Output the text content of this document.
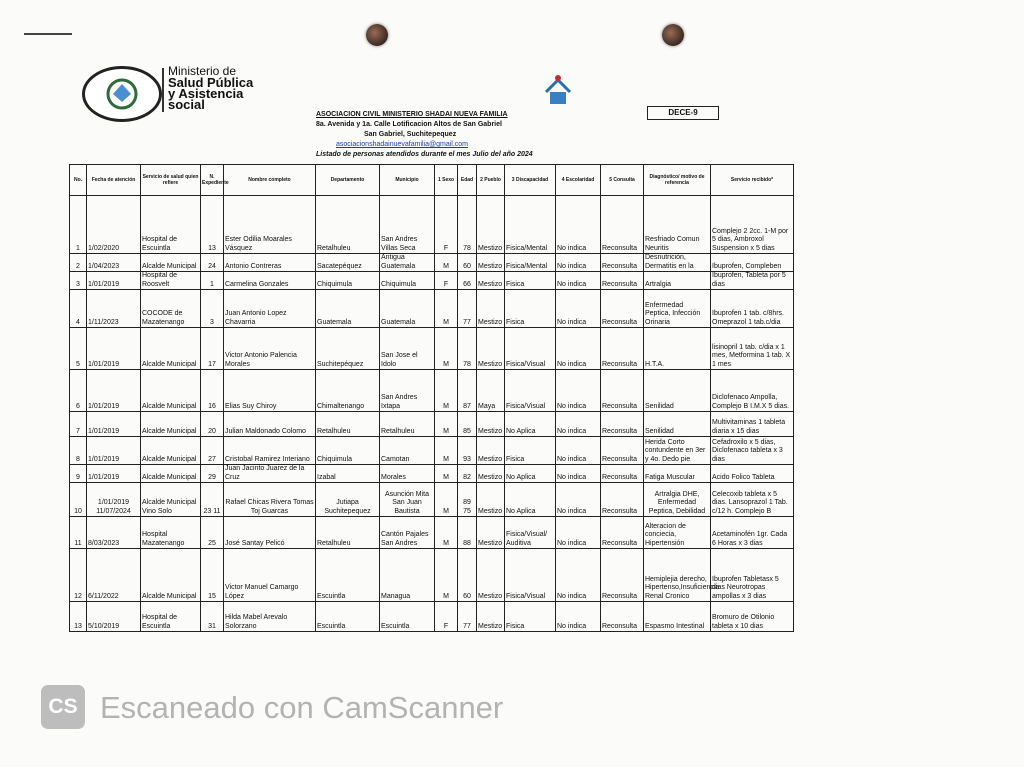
Ministerio de
Salud Pública
y Asistencia
social
DECE-9
ASOCIACION CIVIL MINISTERIO SHADAI NUEVA FAMILIA
8a. Avenida y 1a. Calle Lotificacion Altos de San Gabriel
San Gabriel, Suchitepequez
asociacionshadainuevafamilia@gmail.com
Listado de personas atendidos durante el mes Julio del año 2024
No.	Fecha de atención	Servicio de salud quien refiere	N. Expediente	Nombre completo	Departamento	Municipio	1 Sexo	Edad	2 Pueblo	3 Discapacidad	4 Escolaridad	5 Consulta	Diagnóstico/ motivo de referencia	Servicio recibido*
1	1/02/2020	Hospital de Escuintla	13	Ester Odilia Moarales Vásquez	Retalhuleu	San Andres Villas Seca	F	78	Mestizo	Fisica/Mental	No indica	Reconsulta	Resfriado Comun Neuritis	Complejo 2 2cc. 1-M por 5 dias, Ambroxol Suspension x 5 dias
2	1/04/2023	Alcalde Municipal	24	Antonio Contreras	Sacatepéquez	Antigua Guatemala	M	60	Mestizo	Fisica/Mental	No indica	Reconsulta	Desnutrición, Dermatitis en la	Ibuprofen, Compleben
3	1/01/2019	Hospital de Roosvelt	1	Carmelina Gonzales	Chiquimula	Chiquimula	F	66	Mestizo	Fisica	No indica	Reconsulta	Artralgia	Ibuprofen, Tableta por 5 dias
4	1/11/2023	COCODE de Mazatenango	3	Juan Antonio Lopez Chavarria	Guatemala	Guatemala	M	77	Mestizo	Fisica	No indica	Reconsulta	Enfermedad Peptica, Infección Orinaria	Ibuprofen 1 tab. c/8hrs. Omeprazol 1 tab.c/dia
5	1/01/2019	Alcalde Municipal	17	Victor Antonio Palencia Morales	Suchitepéquez	San Jose el Idolo	M	78	Mestizo	Fisica/Visual	No indica	Reconsulta	H.T.A.	lisinopril 1 tab. c/dia x 1 mes, Metformina 1 tab. X 1 mes
6	1/01/2019	Alcalde Municipal	16	Elias Suy Chiroy	Chimaltenango	San Andres Ixtapa	M	87	Maya	Fisica/Visual	No indica	Reconsulta	Senilidad	Diclofenaco Ampolla, Complejo B I.M.X 5 dias.
7	1/01/2019	Alcalde Municipal	20	Julian Maldonado Colomo	Retalhuleu	Retalhuleu	M	85	Mestizo	No Aplica	No indica	Reconsulta	Senilidad	Multivitaminas 1 tableta diaria x 15 dias
8	1/01/2019	Alcalde Municipal	27	Cristobal Ramirez Interiano	Chiquimula	Camotan	M	93	Mestizo	Fisica	No indica	Reconsulta	Herida Corto contundente en 3er y 4o. Dedo pie	Cefadroxilo x 5 dias, Diclofenaco tableta x 3 dias
9	1/01/2019	Alcalde Municipal	29	Juan Jacinto Juarez de la Cruz	Izabal	Morales	M	82	Mestizo	No Aplica	No indica	Reconsulta	Fatiga Muscular	Acido Folico Tableta
10	1/01/2019 11/07/2024	Alcalde Municipal Vino Solo	23 11	Rafael Chicas Rivera Tomas Toj Guarcas	Jutiapa Suchitepequez	Asunción Mita San Juan Bautista	M	89 75	Mestizo	No Aplica	No indica	Reconsulta	Artralgia DHE, Enfermedad Peptica, Debilidad	Celecoxib tableta x 5 dias. Lansoprazol 1 Tab. c/12 h. Complejo B
11	8/03/2023	Hospital Mazatenango	25	José Santay Pelicó	Retalhuleu	Cantón Pajales San Andres	M	88	Mestizo	Fisica/Visual/ Auditiva	No indica	Reconsulta	Alteracion de conciecia, Hipertensión	Acetaminofén 1gr. Cada 6 Horas x 3 dias
12	6/11/2022	Alcalde Municipal	15	Victor Manuel Camargo López	Escuintla	Managua	M	60	Mestizo	Fisica/Visual	No indica	Reconsulta	Hemiplejia derecho, Hipertenso,Insuficiencia Renal Cronico	Ibuprofen Tabletasx 5 dias Neurotropas ampollas x 3 dias
13	5/10/2019	Hospital de Escuintla	31	Hilda Mabel Arevalo Solorzano	Escuintla	Escuintla	F	77	Mestizo	Fisica	No indica	Reconsulta	Espasmo Intestinal	Bromuro de Otilonio tableta x 10 dias
CS Escaneado con CamScanner
